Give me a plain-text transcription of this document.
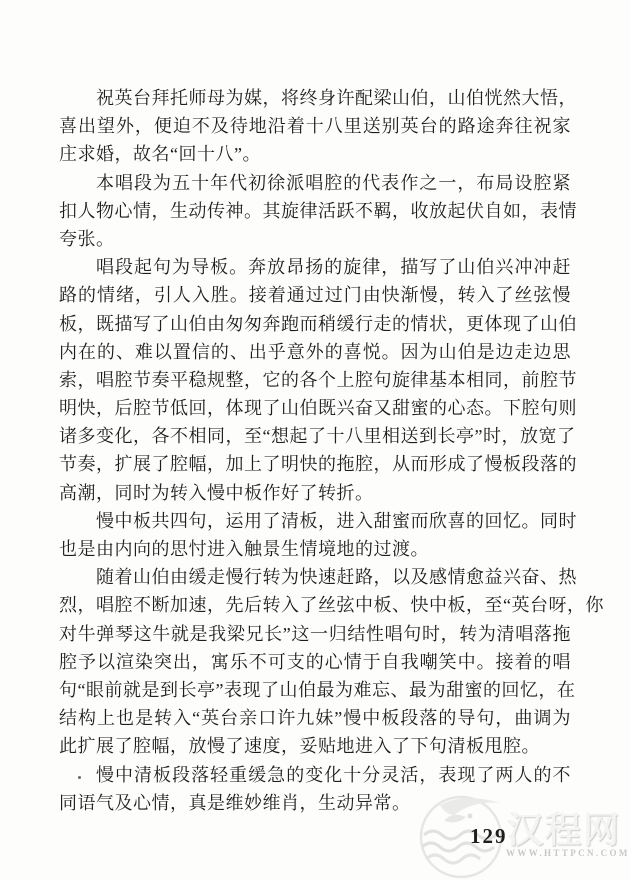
祝英台拜托师母为媒，将终身许配梁山伯，山伯恍然大悟，
喜出望外，便迫不及待地沿着十八里送别英台的路途奔往祝家
庄求婚，故名“回十八”。
本唱段为五十年代初徐派唱腔的代表作之一，布局设腔紧
扣人物心情，生动传神。其旋律活跃不羁，收放起伏自如，表情
夸张。
唱段起句为导板。奔放昂扬的旋律，描写了山伯兴冲冲赶
路的情绪，引人入胜。接着通过过门由快渐慢，转入了丝弦慢
板，既描写了山伯由匆匆奔跑而稍缓行走的情状，更体现了山伯
内在的、难以置信的、出乎意外的喜悦。因为山伯是边走边思
索，唱腔节奏平稳规整，它的各个上腔句旋律基本相同，前腔节
明快，后腔节低回，体现了山伯既兴奋又甜蜜的心态。下腔句则
诸多变化，各不相同，至“想起了十八里相送到长亭”时，放宽了
节奏，扩展了腔幅，加上了明快的拖腔，从而形成了慢板段落的
高潮，同时为转入慢中板作好了转折。
慢中板共四句，运用了清板，进入甜蜜而欣喜的回忆。同时
也是由内向的思忖进入触景生情境地的过渡。
随着山伯由缓走慢行转为快速赶路，以及感情愈益兴奋、热
烈，唱腔不断加速，先后转入了丝弦中板、快中板，至“英台呀，你
对牛弹琴这牛就是我梁兄长”这一归结性唱句时，转为清唱落拖
腔予以渲染突出，寓乐不可支的心情于自我嘲笑中。接着的唱
句“眼前就是到长亭”表现了山伯最为难忘、最为甜蜜的回忆，在
结构上也是转入“英台亲口许九妹”慢中板段落的导句，曲调为
此扩展了腔幅，放慢了速度，妥贴地进入了下句清板甩腔。
慢中清板段落轻重缓急的变化十分灵活，表现了两人的不
同语气及心情，真是维妙维肖，生动异常。
汉程网
WWW.HTTPCN.COM
129
